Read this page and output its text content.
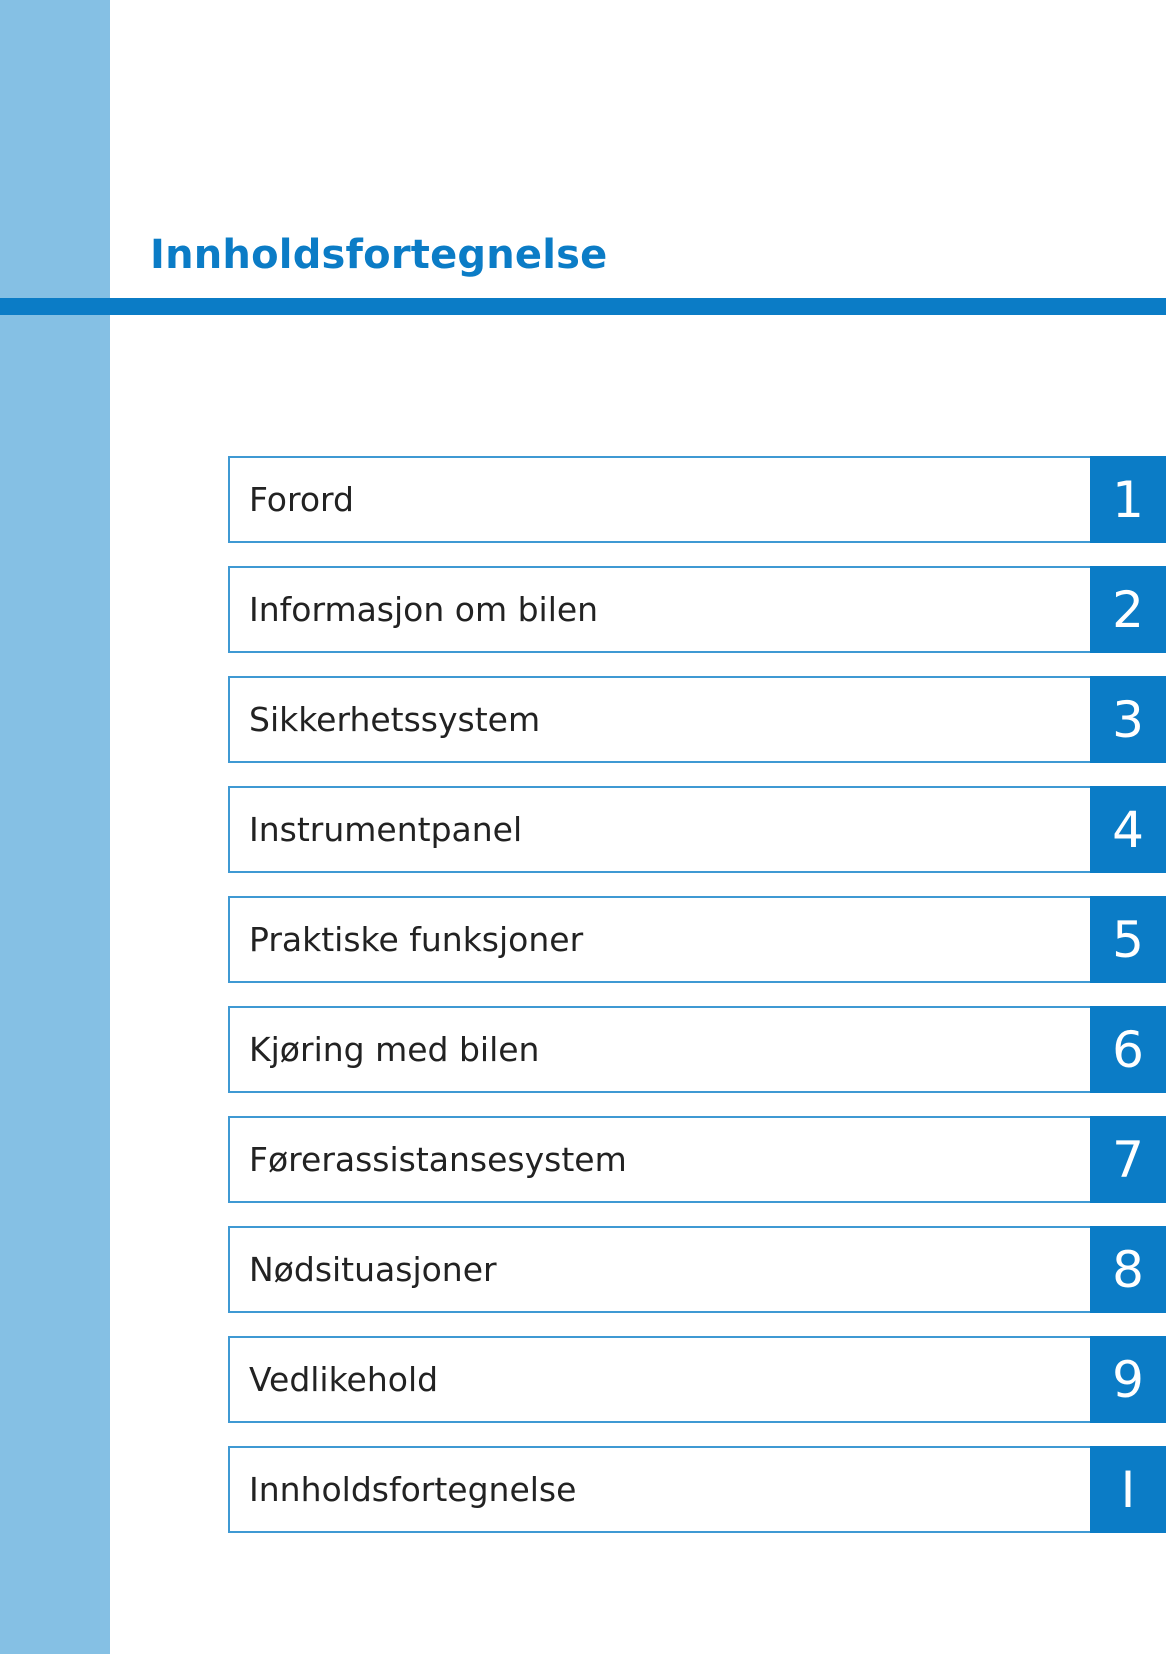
Innholdsfortegnelse
Forord	1
Informasjon om bilen	2
Sikkerhetssystem	3
Instrumentpanel	4
Praktiske funksjoner	5
Kjøring med bilen	6
Førerassistansesystem	7
Nødsituasjoner	8
Vedlikehold	9
Innholdsfortegnelse	I
